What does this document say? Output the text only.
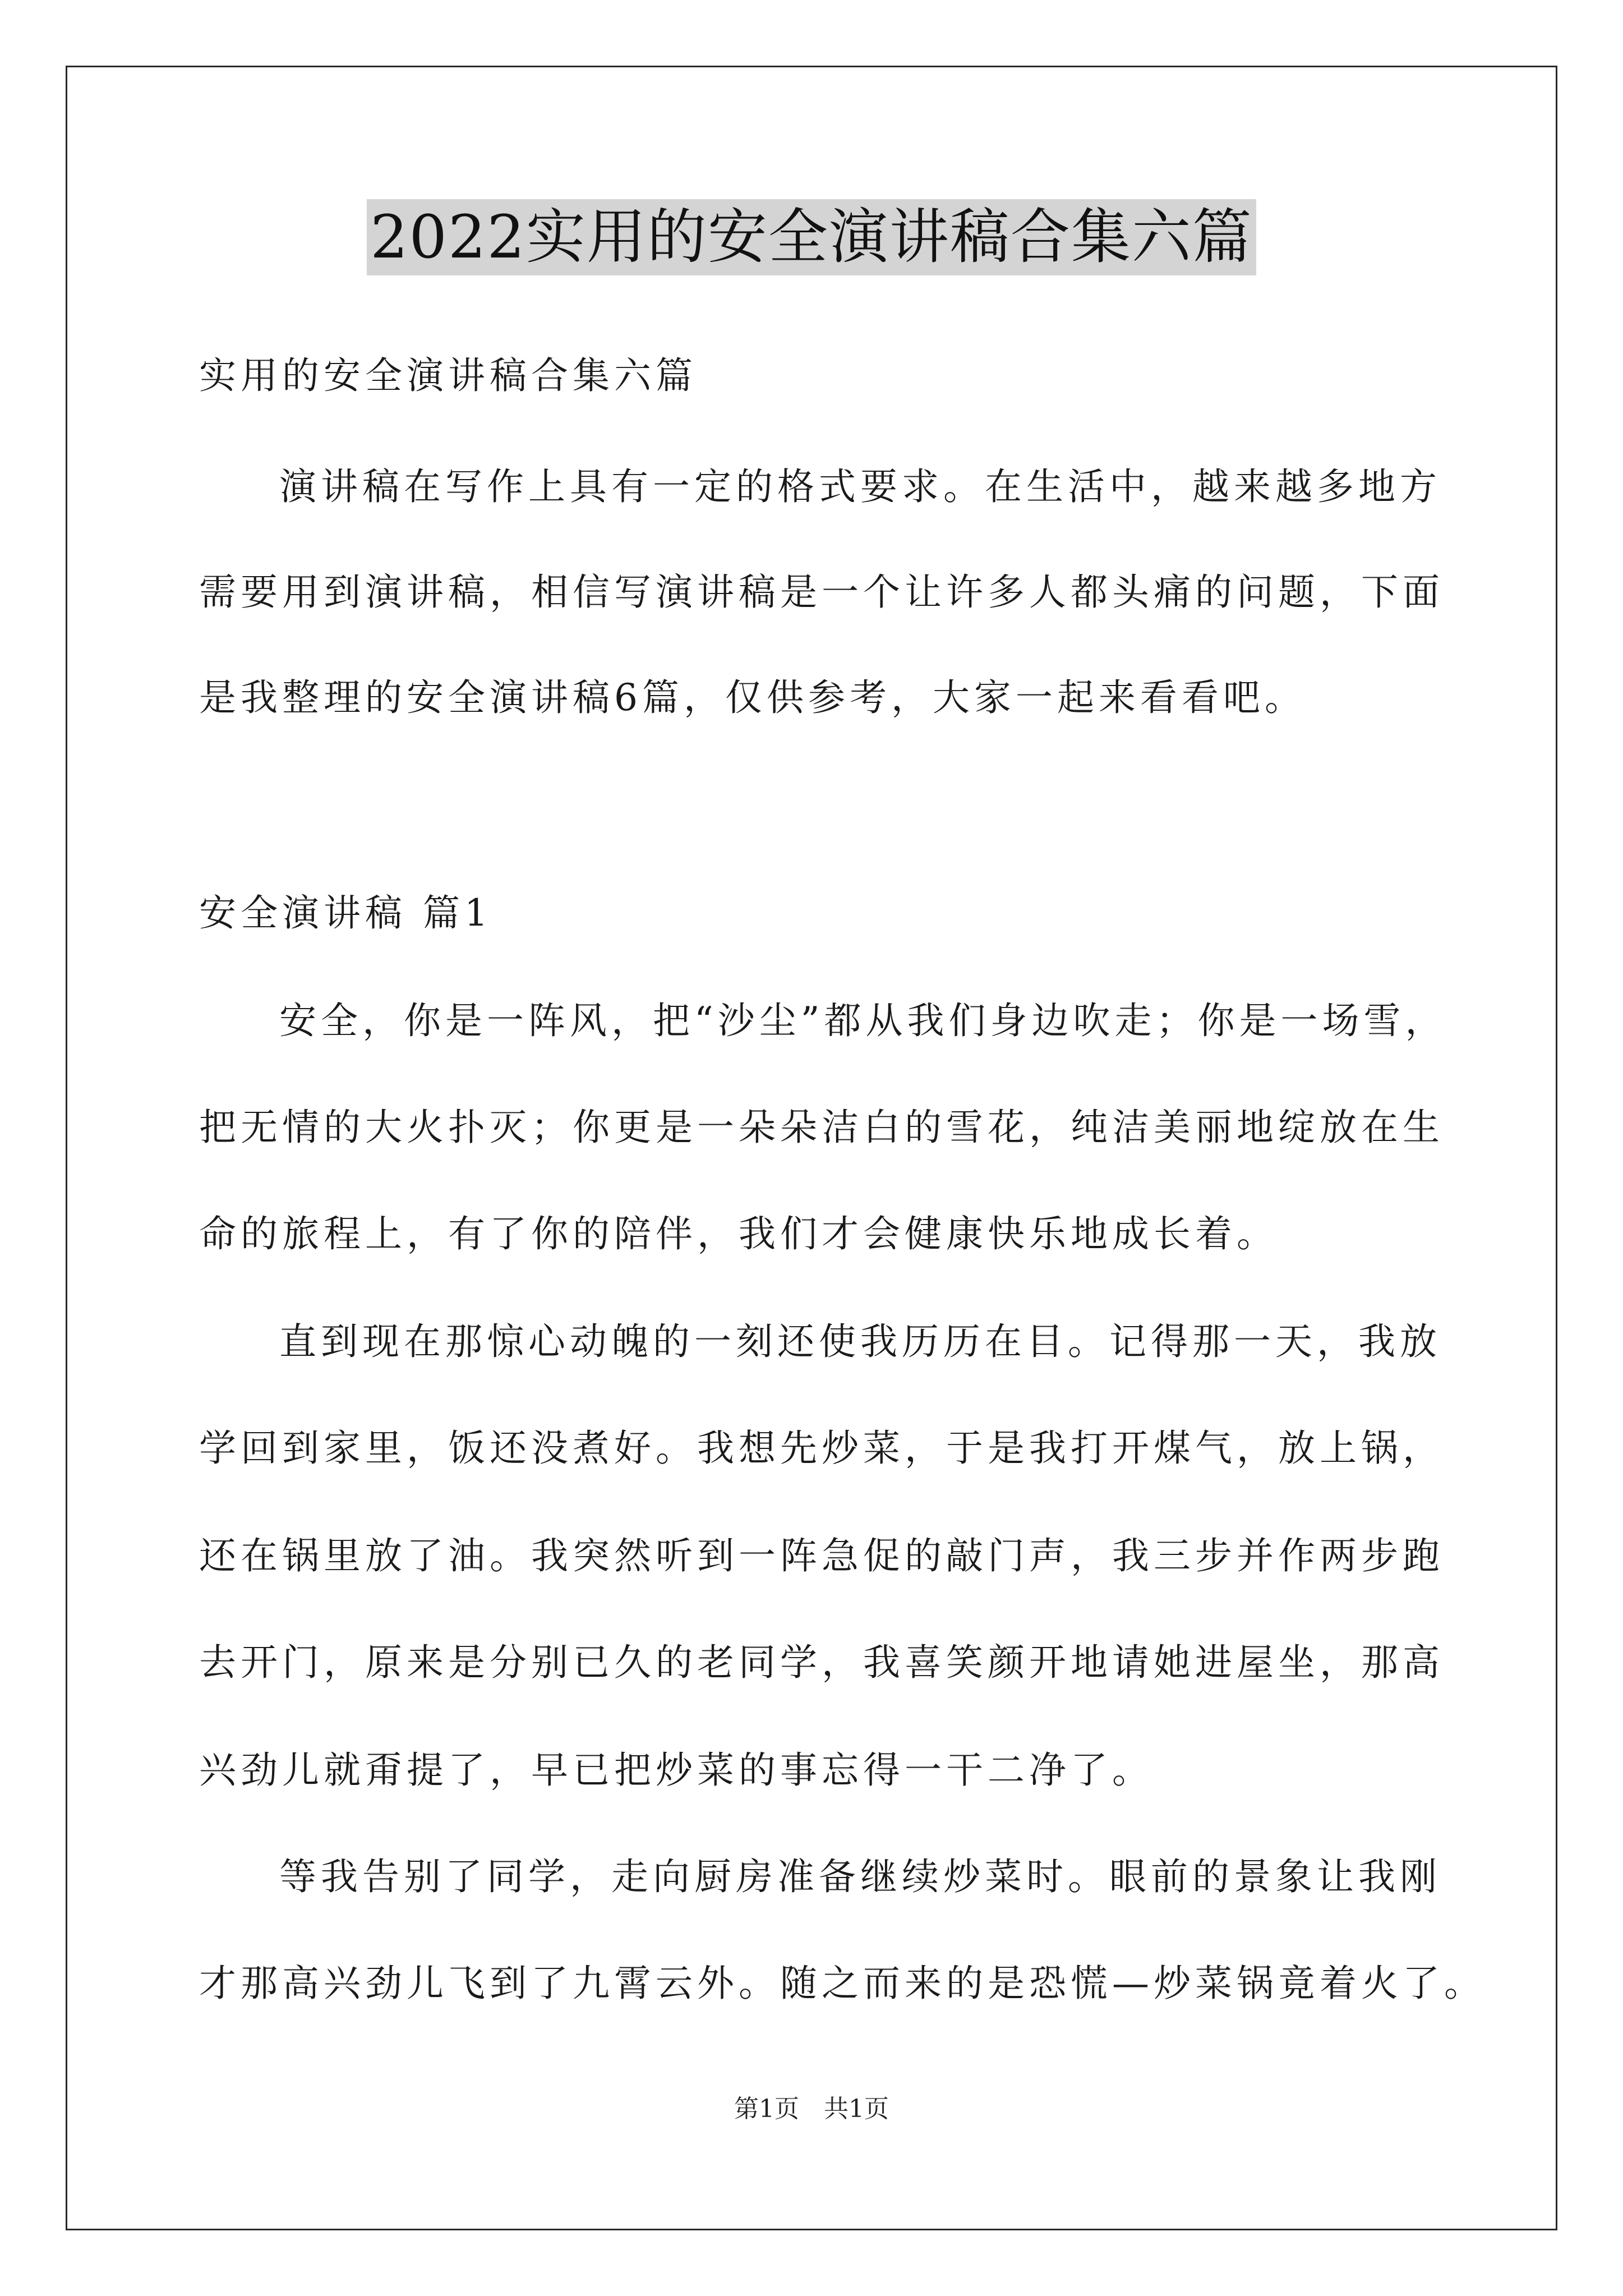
2022实用的安全演讲稿合集六篇
实用的安全演讲稿合集六篇
演讲稿在写作上具有一定的格式要求。在生活中，越来越多地方
需要用到演讲稿，相信写演讲稿是一个让许多人都头痛的问题，下面
是我整理的安全演讲稿6篇，仅供参考，大家一起来看看吧。
安全演讲稿 篇1
安全，你是一阵风，把“沙尘”都从我们身边吹走；你是一场雪，
把无情的大火扑灭；你更是一朵朵洁白的雪花，纯洁美丽地绽放在生
命的旅程上，有了你的陪伴，我们才会健康快乐地成长着。
直到现在那惊心动魄的一刻还使我历历在目。记得那一天，我放
学回到家里，饭还没煮好。我想先炒菜，于是我打开煤气，放上锅，
还在锅里放了油。我突然听到一阵急促的敲门声，我三步并作两步跑
去开门，原来是分别已久的老同学，我喜笑颜开地请她进屋坐，那高
兴劲儿就甭提了，早已把炒菜的事忘得一干二净了。
等我告别了同学，走向厨房准备继续炒菜时。眼前的景象让我刚
才那高兴劲儿飞到了九霄云外。随之而来的是恐慌—炒菜锅竟着火了。
第1页　共1页
